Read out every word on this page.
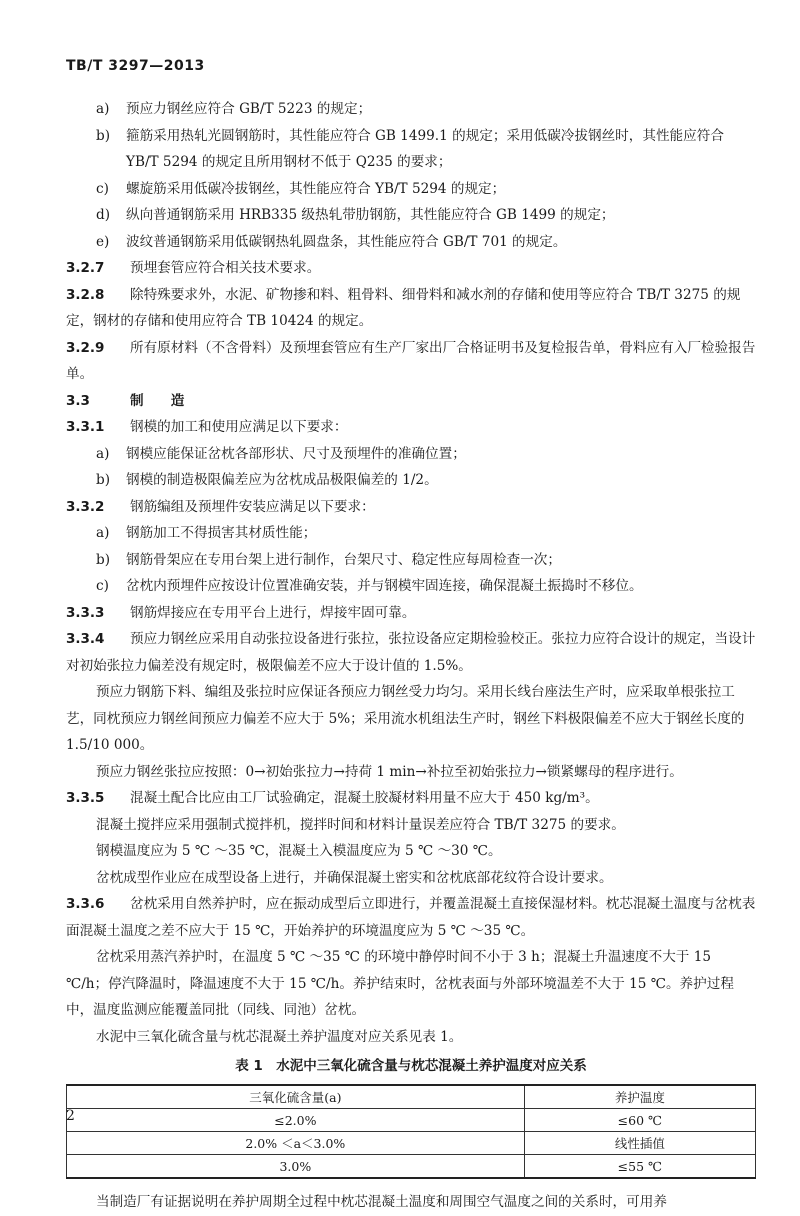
TB/T 3297—2013
a) 预应力钢丝应符合 GB/T 5223 的规定；
b) 箍筋采用热轧光圆钢筋时，其性能应符合 GB 1499.1 的规定；采用低碳冷拔钢丝时，其性能应符合 YB/T 5294 的规定且所用钢材不低于 Q235 的要求；
c) 螺旋筋采用低碳冷拔钢丝，其性能应符合 YB/T 5294 的规定；
d) 纵向普通钢筋采用 HRB335 级热轧带肋钢筋，其性能应符合 GB 1499 的规定；
e) 波纹普通钢筋采用低碳钢热轧圆盘条，其性能应符合 GB/T 701 的规定。
3.2.7 预埋套管应符合相关技术要求。
3.2.8 除特殊要求外，水泥、矿物掺和料、粗骨料、细骨料和减水剂的存储和使用等应符合 TB/T 3275 的规定，钢材的存储和使用应符合 TB 10424 的规定。
3.2.9 所有原材料（不含骨料）及预埋套管应有生产厂家出厂合格证明书及复检报告单，骨料应有入厂检验报告单。
3.3	制　　造
3.3.1 钢模的加工和使用应满足以下要求：
a) 钢模应能保证岔枕各部形状、尺寸及预埋件的准确位置；
b) 钢模的制造极限偏差应为岔枕成品极限偏差的 1/2。
3.3.2 钢筋编组及预埋件安装应满足以下要求：
a) 钢筋加工不得损害其材质性能；
b) 钢筋骨架应在专用台架上进行制作，台架尺寸、稳定性应每周检查一次；
c) 岔枕内预埋件应按设计位置准确安装，并与钢模牢固连接，确保混凝土振捣时不移位。
3.3.3 钢筋焊接应在专用平台上进行，焊接牢固可靠。
3.3.4 预应力钢丝应采用自动张拉设备进行张拉，张拉设备应定期检验校正。张拉力应符合设计的规定，当设计对初始张拉力偏差没有规定时，极限偏差不应大于设计值的 1.5%。
预应力钢筋下料、编组及张拉时应保证各预应力钢丝受力均匀。采用长线台座法生产时，应采取单根张拉工艺，同枕预应力钢丝间预应力偏差不应大于 5%；采用流水机组法生产时，钢丝下料极限偏差不应大于钢丝长度的 1.5/10 000。
预应力钢丝张拉应按照：0→初始张拉力→持荷 1 min→补拉至初始张拉力→锁紧螺母的程序进行。
3.3.5 混凝土配合比应由工厂试验确定，混凝土胶凝材料用量不应大于 450 kg/m³。
混凝土搅拌应采用强制式搅拌机，搅拌时间和材料计量误差应符合 TB/T 3275 的要求。
钢模温度应为 5 ℃ ～35 ℃，混凝土入模温度应为 5 ℃ ～30 ℃。
岔枕成型作业应在成型设备上进行，并确保混凝土密实和岔枕底部花纹符合设计要求。
3.3.6 岔枕采用自然养护时，应在振动成型后立即进行，并覆盖混凝土直接保湿材料。枕芯混凝土温度与岔枕表面混凝土温度之差不应大于 15 ℃，开始养护的环境温度应为 5 ℃ ～35 ℃。
岔枕采用蒸汽养护时，在温度 5 ℃ ～35 ℃ 的环境中静停时间不小于 3 h；混凝土升温速度不大于 15 ℃/h；停汽降温时，降温速度不大于 15 ℃/h。养护结束时，岔枕表面与外部环境温差不大于 15 ℃。养护过程中，温度监测应能覆盖同批（同线、同池）岔枕。
水泥中三氧化硫含量与枕芯混凝土养护温度对应关系见表 1。
表 1　水泥中三氧化硫含量与枕芯混凝土养护温度对应关系
三氧化硫含量(a)	养护温度
≤2.0%	≤60 ℃
2.0% ＜a＜3.0%	线性插值
3.0%	≤55 ℃
当制造厂有证据说明在养护周期全过程中枕芯混凝土温度和周围空气温度之间的关系时，可用养
2
